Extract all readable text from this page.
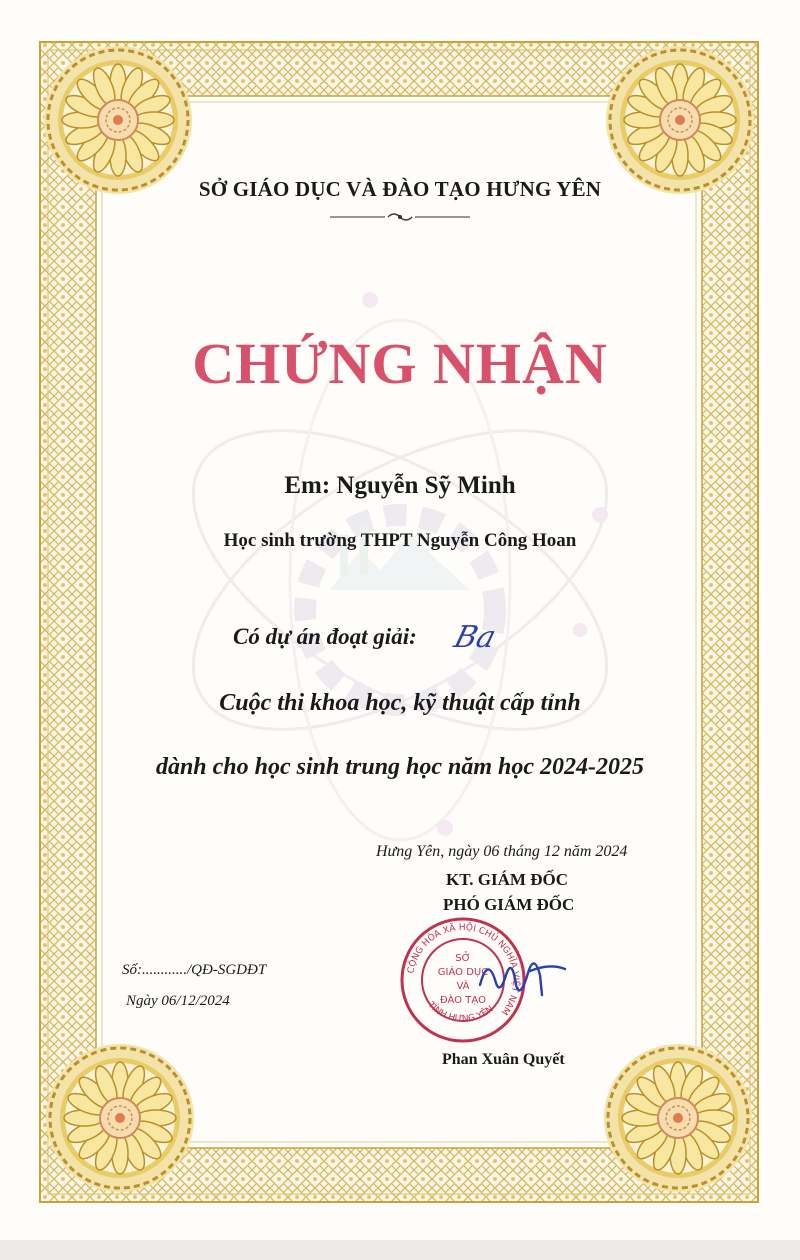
SỞ GIÁO DỤC VÀ ĐÀO TẠO HƯNG YÊN
CHỨNG NHẬN
Em: Nguyễn Sỹ Minh
Học sinh trường THPT Nguyễn Công Hoan
Có dự án đoạt giải: Ba
Cuộc thi khoa học, kỹ thuật cấp tỉnh
dành cho học sinh trung học năm học 2024-2025
Hưng Yên, ngày 06 tháng 12 năm 2024
KT. GIÁM ĐỐC
PHÓ GIÁM ĐỐC
Số:............/QĐ-SGDĐT
Ngày 06/12/2024
CỘNG HÒA XÃ HỘI CHỦ NGHĨA VIỆT NAM
TỈNH HƯNG YÊN
SỞ
GIÁO DỤC
VÀ
ĐÀO TẠO
Phan Xuân Quyết
